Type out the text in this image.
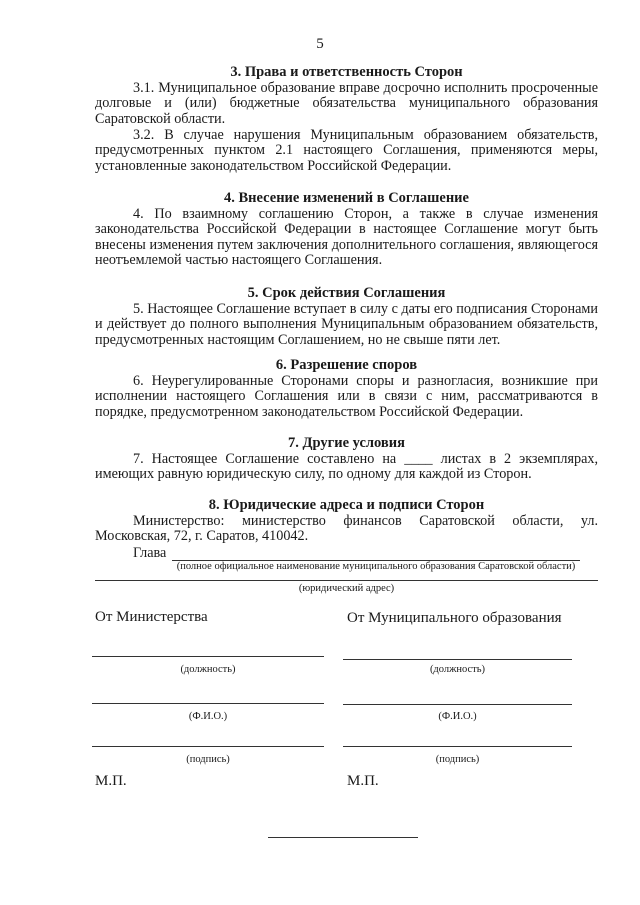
5
3. Права и ответственность Сторон
3.1. Муниципальное образование вправе досрочно исполнить просроченные долговые и (или) бюджетные обязательства муниципального образования Саратовской области.
3.2. В случае нарушения Муниципальным образованием обязательств, предусмотренных пунктом 2.1 настоящего Соглашения, применяются меры, установленные законодательством Российской Федерации.
4. Внесение изменений в Соглашение
4. По взаимному соглашению Сторон, а также в случае изменения законодательства Российской Федерации в настоящее Соглашение могут быть внесены изменения путем заключения дополнительного соглашения, являющегося неотъемлемой частью настоящего Соглашения.
5. Срок действия Соглашения
5. Настоящее Соглашение вступает в силу с даты его подписания Сторонами и действует до полного выполнения Муниципальным образованием обязательств, предусмотренных настоящим Соглашением, но не свыше пяти лет.
6. Разрешение споров
6. Неурегулированные Сторонами споры и разногласия, возникшие при исполнении настоящего Соглашения или в связи с ним, рассматриваются в порядке, предусмотренном законодательством Российской Федерации.
7. Другие условия
7. Настоящее Соглашение составлено на ____ листах в 2 экземплярах, имеющих равную юридическую силу, по одному для каждой из Сторон.
8. Юридические адреса и подписи Сторон
Министерство: министерство финансов Саратовской области, ул. Московская, 72, г. Саратов, 410042.
Глава
(полное официальное наименование муниципального образования Саратовской области)
(юридический адрес)
От Министерства
(должность)
(Ф.И.О.)
(подпись)
М.П.
От Муниципального образования
(должность)
(Ф.И.О.)
(подпись)
М.П.
